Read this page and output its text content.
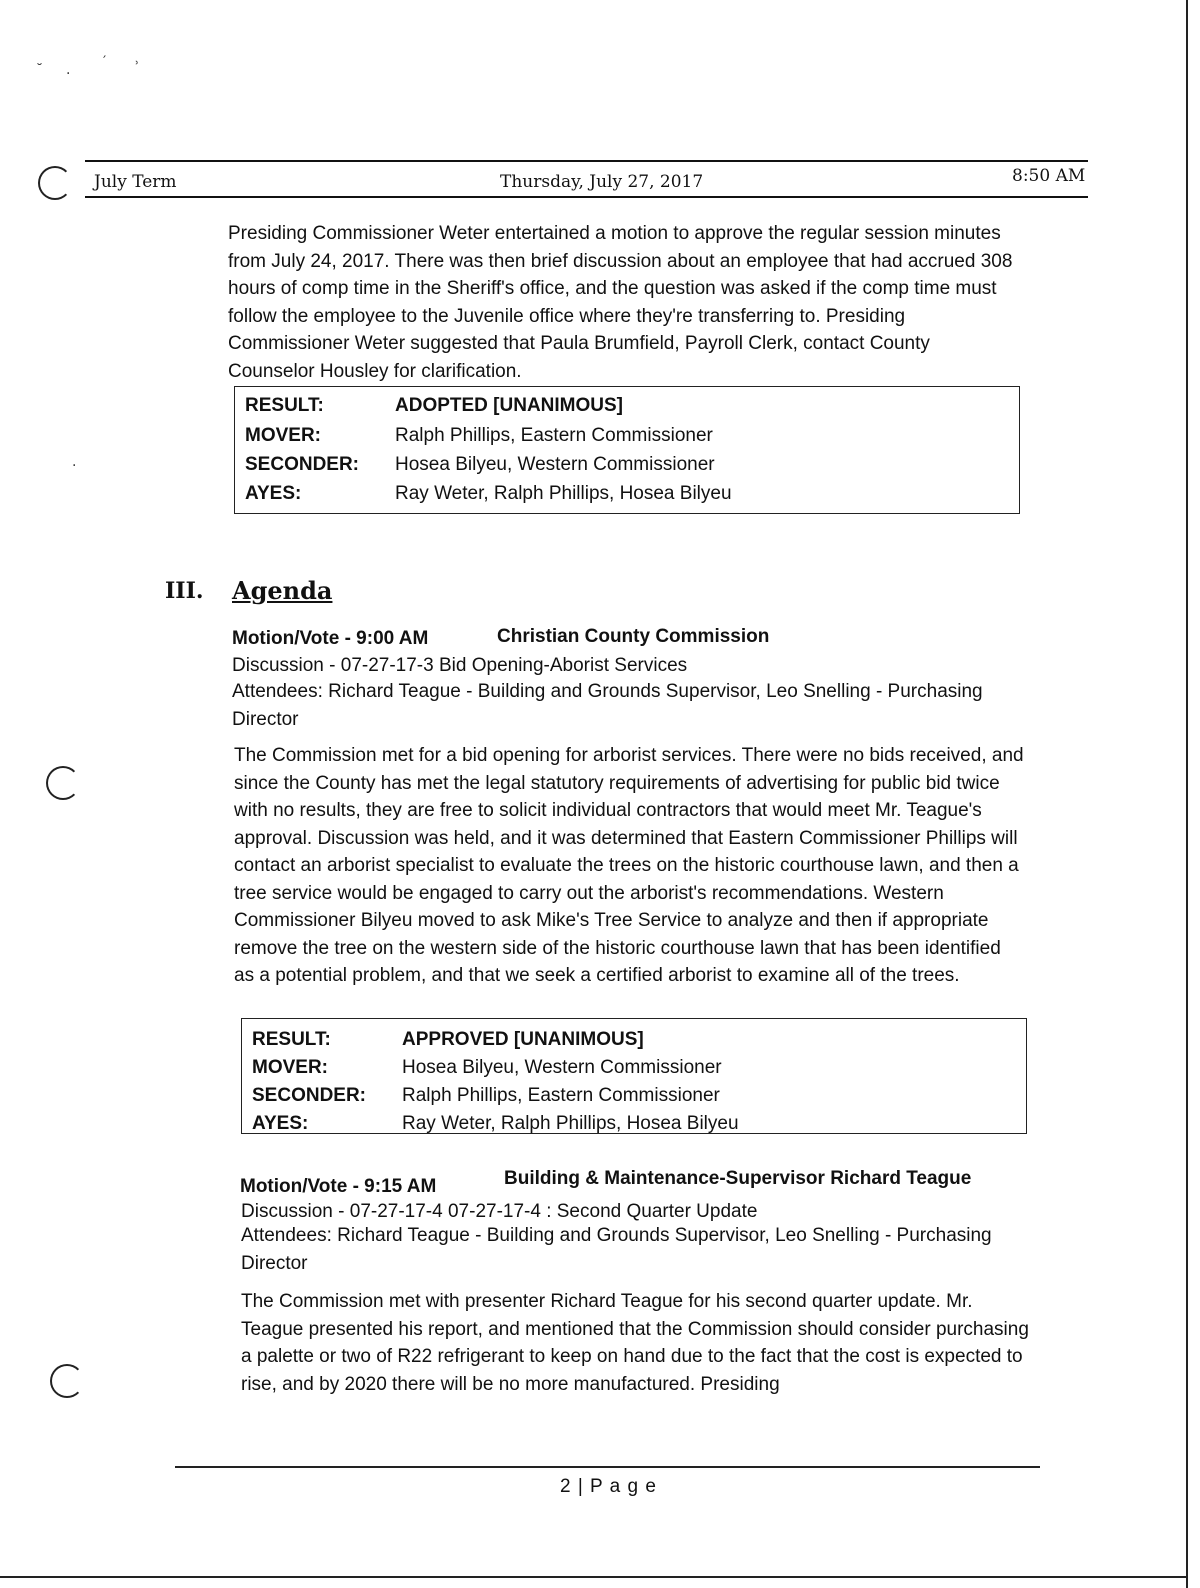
˘ ·
′ ˒
·
July Term	Thursday, July 27, 2017	8:50 AM
Presiding Commissioner Weter entertained a motion to approve the regular session minutes from July 24, 2017. There was then brief discussion about an employee that had accrued 308 hours of comp time in the Sheriff's office, and the question was asked if the comp time must follow the employee to the Juvenile office where they're transferring to. Presiding Commissioner Weter suggested that Paula Brumfield, Payroll Clerk, contact County Counselor Housley for clarification.
RESULT:	ADOPTED [UNANIMOUS]
MOVER:	Ralph Phillips, Eastern Commissioner
SECONDER: Hosea Bilyeu, Western Commissioner
AYES:	Ray Weter, Ralph Phillips, Hosea Bilyeu
III. Agenda
Motion/Vote - 9:00 AM	Christian County Commission
Discussion - 07-27-17-3 Bid Opening-Aborist Services
Attendees: Richard Teague - Building and Grounds Supervisor, Leo Snelling - Purchasing Director
The Commission met for a bid opening for arborist services. There were no bids received, and since the County has met the legal statutory requirements of advertising for public bid twice with no results, they are free to solicit individual contractors that would meet Mr. Teague's approval. Discussion was held, and it was determined that Eastern Commissioner Phillips will contact an arborist specialist to evaluate the trees on the historic courthouse lawn, and then a tree service would be engaged to carry out the arborist's recommendations. Western Commissioner Bilyeu moved to ask Mike's Tree Service to analyze and then if appropriate remove the tree on the western side of the historic courthouse lawn that has been identified as a potential problem, and that we seek a certified arborist to examine all of the trees.
RESULT:	APPROVED [UNANIMOUS]
MOVER:	Hosea Bilyeu, Western Commissioner
SECONDER: Ralph Phillips, Eastern Commissioner
AYES:	Ray Weter, Ralph Phillips, Hosea Bilyeu
Motion/Vote - 9:15 AM	Building & Maintenance-Supervisor Richard Teague
Discussion - 07-27-17-4 07-27-17-4 : Second Quarter Update
Attendees: Richard Teague - Building and Grounds Supervisor, Leo Snelling - Purchasing Director
The Commission met with presenter Richard Teague for his second quarter update. Mr. Teague presented his report, and mentioned that the Commission should consider purchasing a palette or two of R22 refrigerant to keep on hand due to the fact that the cost is expected to rise, and by 2020 there will be no more manufactured. Presiding
2 | P a g e
